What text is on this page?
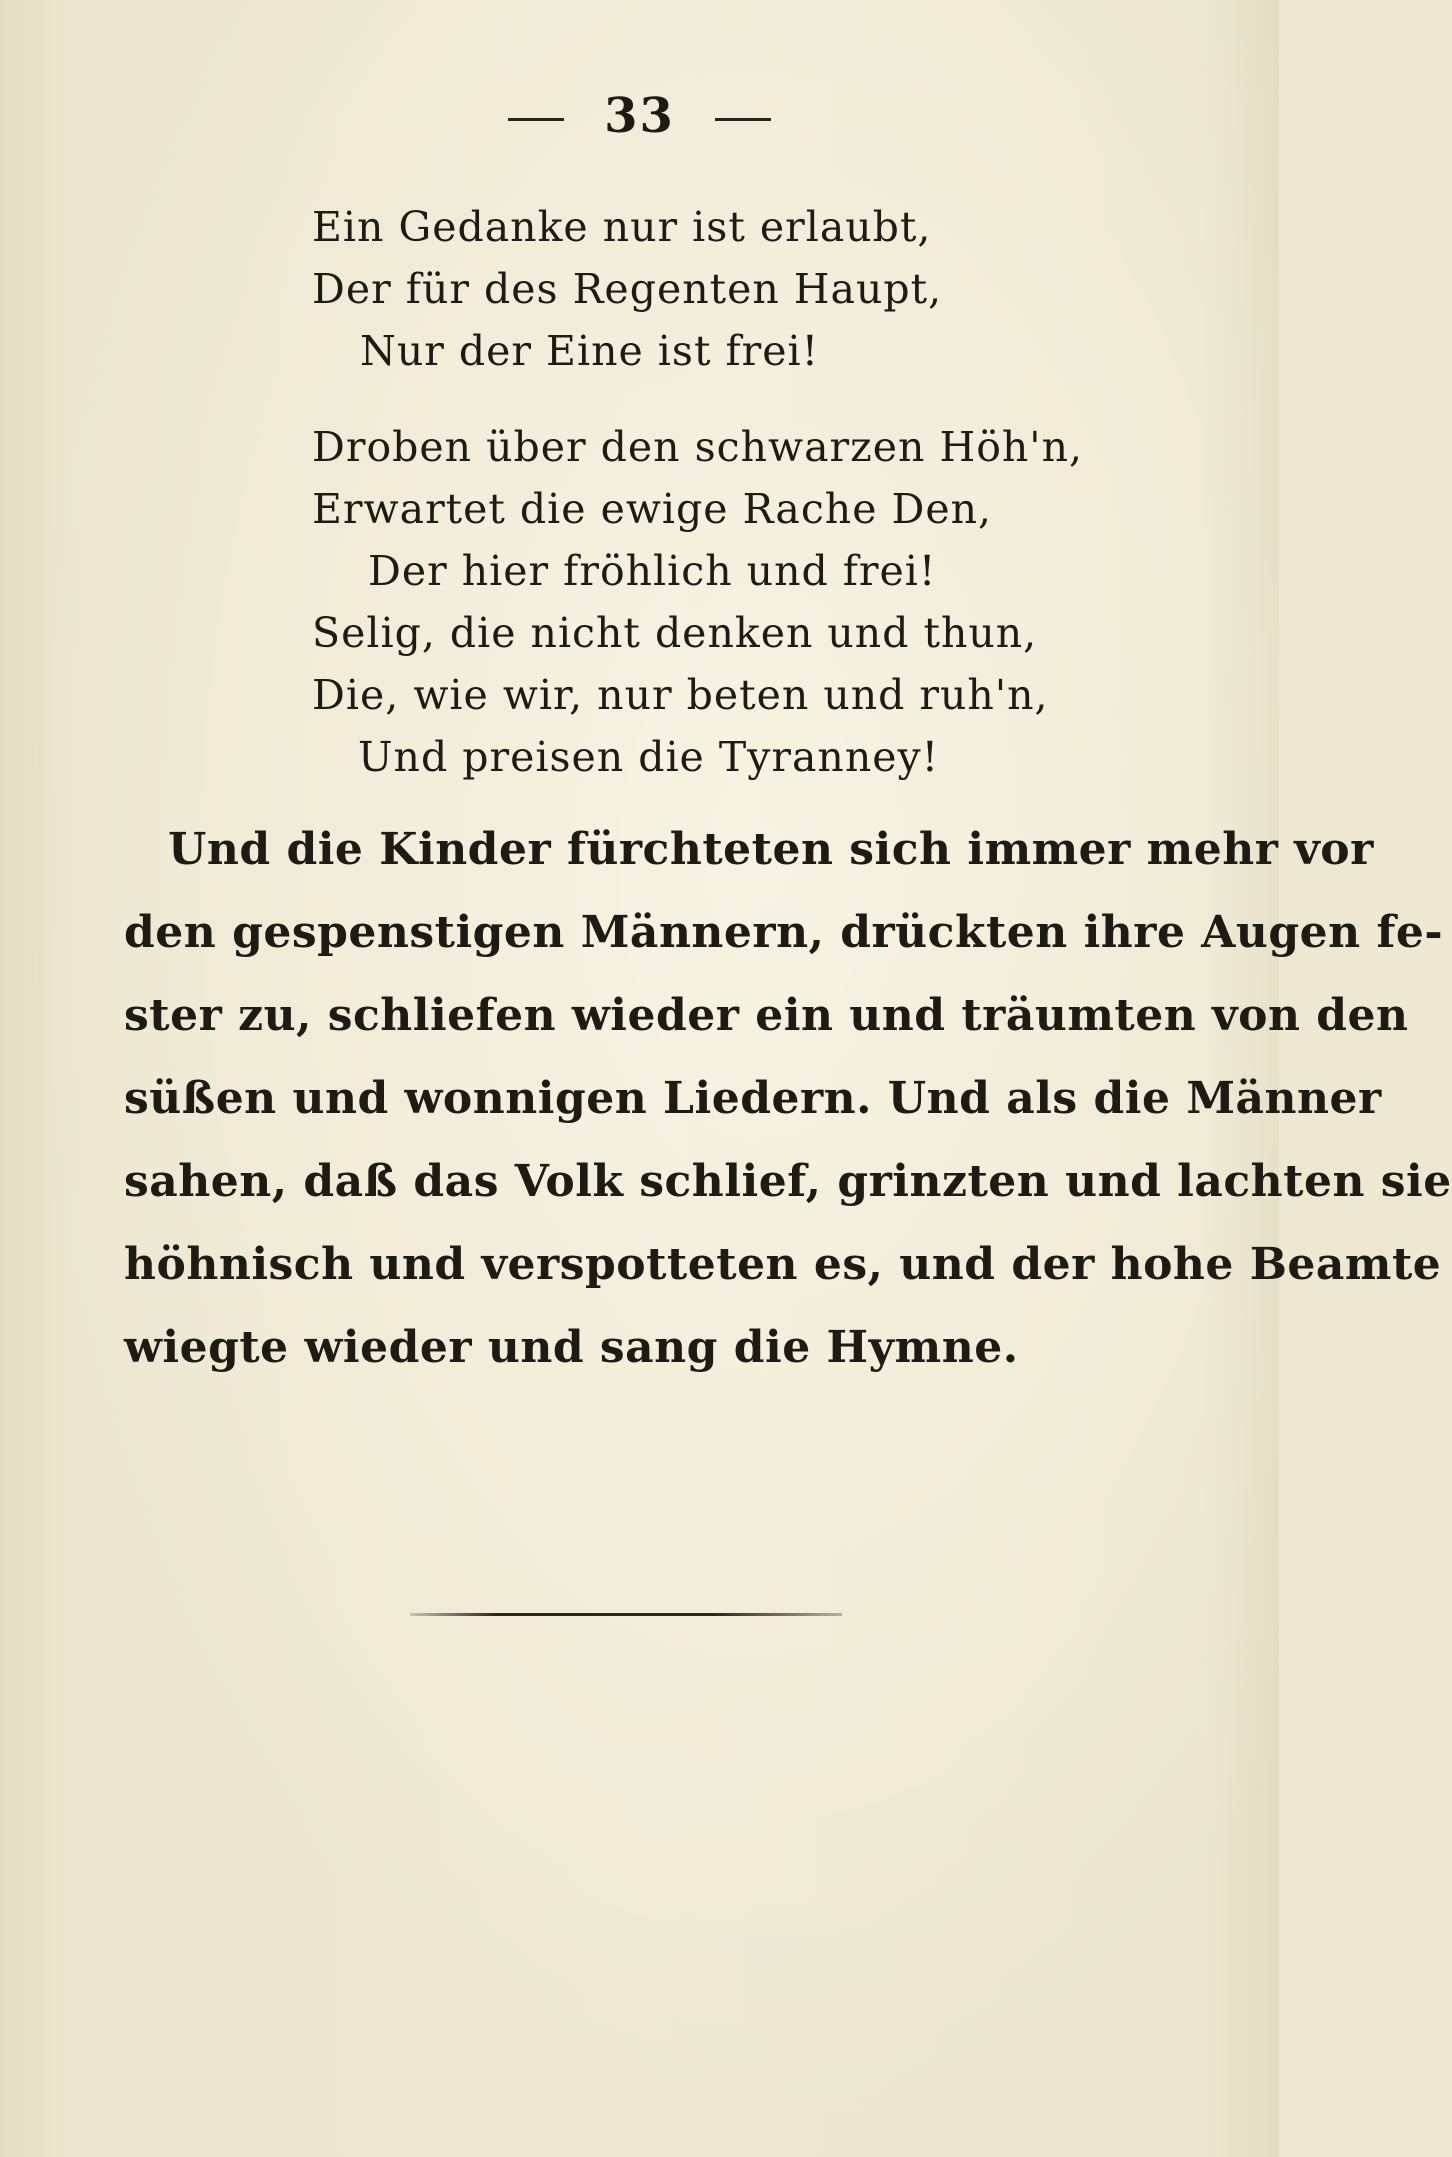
33
Ein Gedanke nur ist erlaubt,
Der für des Regenten Haupt,
Nur der Eine ist frei!
Droben über den schwarzen Höh'n,
Erwartet die ewige Rache Den,
Der hier fröhlich und frei!
Selig, die nicht denken und thun,
Die, wie wir, nur beten und ruh'n,
Und preisen die Tyranney!
Und die Kinder fürchteten sich immer mehr vor
den gespenstigen Männern, drückten ihre Augen fe-
ster zu, schliefen wieder ein und träumten von den
süßen und wonnigen Liedern. Und als die Männer
sahen, daß das Volk schlief, grinzten und lachten sie
höhnisch und verspotteten es, und der hohe Beamte
wiegte wieder und sang die Hymne.
